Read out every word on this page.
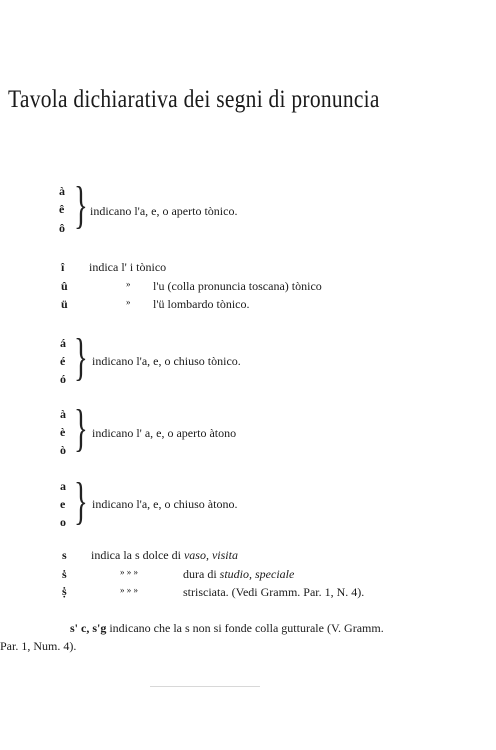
Tavola dichiarativa dei segni di pronuncia
à
ê
ô } indicano l'a, e, o aperto tònico.
î indica l' i tònico
û	» l'u (colla pronuncia toscana) tònico
ü	» l'ü lombardo tònico.
á
é
ó } indicano l'a, e, o chiuso tònico.
à
è
ò } indicano l' a, e, o aperto àtono
a
e
o } indicano l'a, e, o chiuso àtono.
s indica la s dolce di vaso, visita
ṡ	» » »	dura di studio, speciale
ṩ	» » »	strisciata. (Vedi Gramm. Par. 1, N. 4).
s' c, s'g indicano che la s non si fonde colla gutturale (V. Gramm.
Par. 1, Num. 4).
